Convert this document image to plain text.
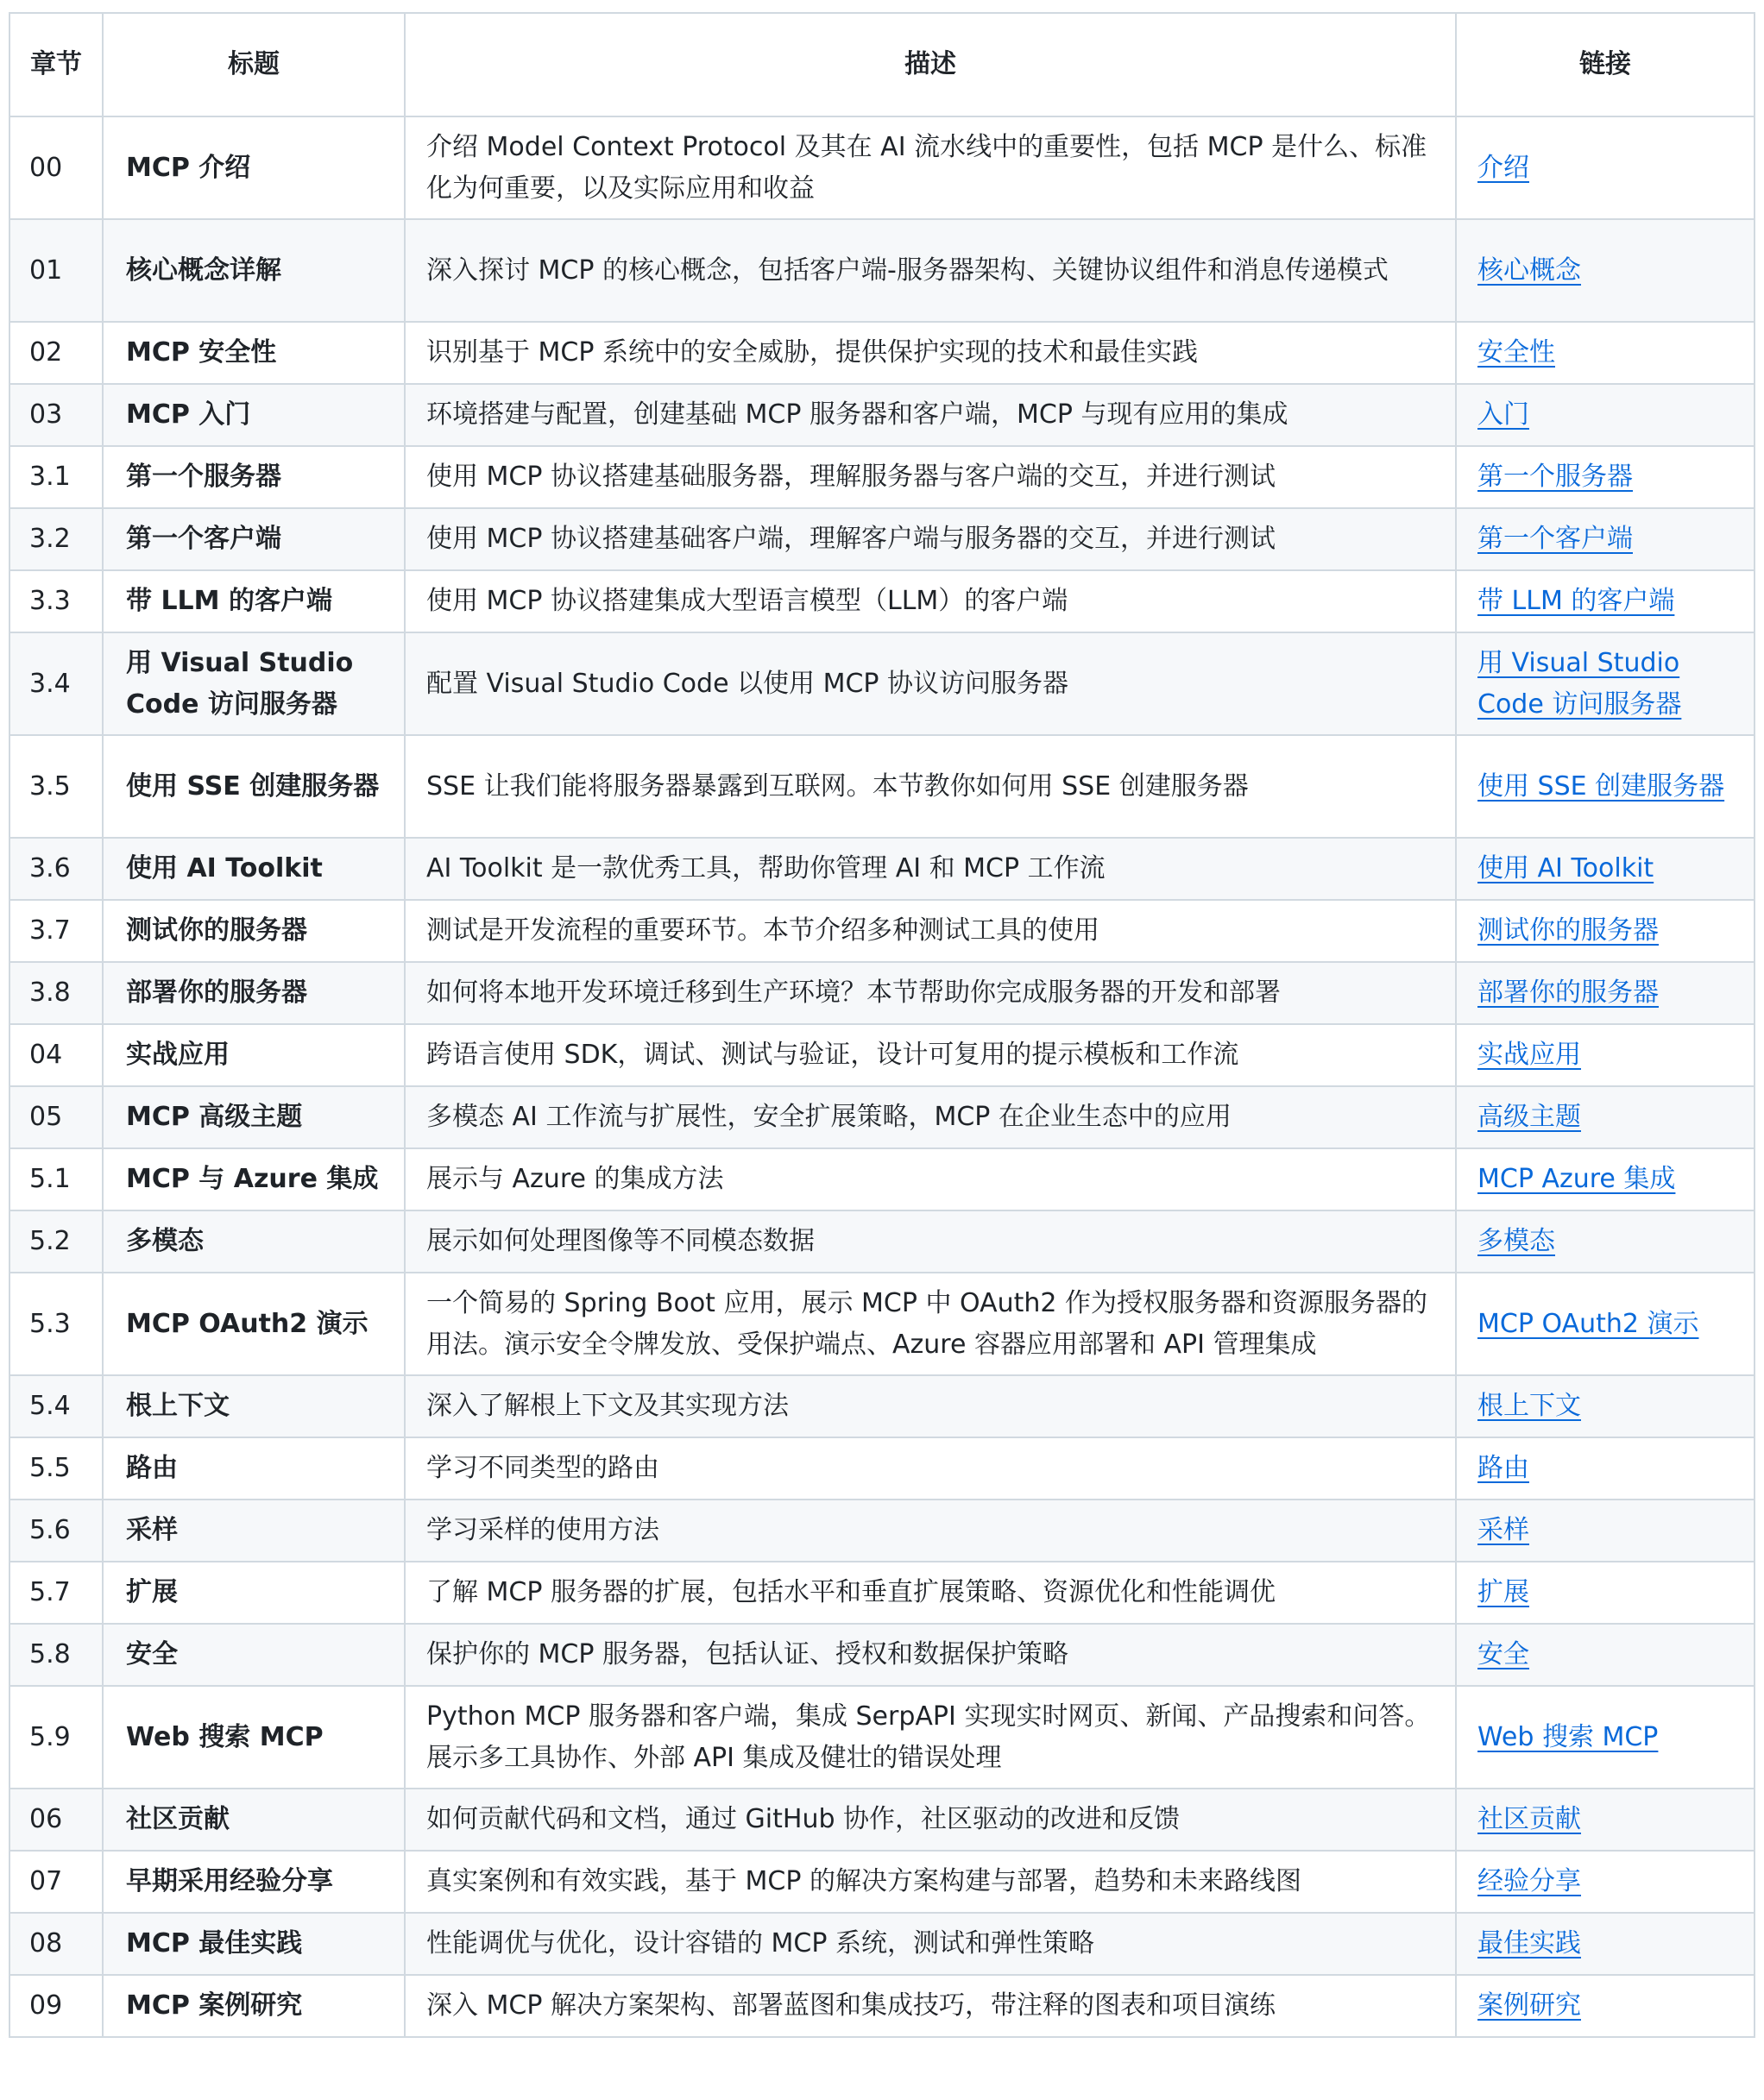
章节	标题	描述	链接
00	MCP 介绍	介绍 Model Context Protocol 及其在 AI 流水线中的重要性，包括 MCP 是什么、标准化为何重要，以及实际应用和收益	介绍
01	核心概念详解	深入探讨 MCP 的核心概念，包括客户端-服务器架构、关键协议组件和消息传递模式	核心概念
02	MCP 安全性	识别基于 MCP 系统中的安全威胁，提供保护实现的技术和最佳实践	安全性
03	MCP 入门	环境搭建与配置，创建基础 MCP 服务器和客户端，MCP 与现有应用的集成	入门
3.1	第一个服务器	使用 MCP 协议搭建基础服务器，理解服务器与客户端的交互，并进行测试	第一个服务器
3.2	第一个客户端	使用 MCP 协议搭建基础客户端，理解客户端与服务器的交互，并进行测试	第一个客户端
3.3	带 LLM 的客户端	使用 MCP 协议搭建集成大型语言模型（LLM）的客户端	带 LLM 的客户端
3.4	用 Visual Studio Code 访问服务器	配置 Visual Studio Code 以使用 MCP 协议访问服务器	用 Visual Studio Code 访问服务器
3.5	使用 SSE 创建服务器	SSE 让我们能将服务器暴露到互联网。本节教你如何用 SSE 创建服务器	使用 SSE 创建服务器
3.6	使用 AI Toolkit	AI Toolkit 是一款优秀工具，帮助你管理 AI 和 MCP 工作流	使用 AI Toolkit
3.7	测试你的服务器	测试是开发流程的重要环节。本节介绍多种测试工具的使用	测试你的服务器
3.8	部署你的服务器	如何将本地开发环境迁移到生产环境？本节帮助你完成服务器的开发和部署	部署你的服务器
04	实战应用	跨语言使用 SDK，调试、测试与验证，设计可复用的提示模板和工作流	实战应用
05	MCP 高级主题	多模态 AI 工作流与扩展性，安全扩展策略，MCP 在企业生态中的应用	高级主题
5.1	MCP 与 Azure 集成	展示与 Azure 的集成方法	MCP Azure 集成
5.2	多模态	展示如何处理图像等不同模态数据	多模态
5.3	MCP OAuth2 演示	一个简易的 Spring Boot 应用，展示 MCP 中 OAuth2 作为授权服务器和资源服务器的用法。演示安全令牌发放、受保护端点、Azure 容器应用部署和 API 管理集成	MCP OAuth2 演示
5.4	根上下文	深入了解根上下文及其实现方法	根上下文
5.5	路由	学习不同类型的路由	路由
5.6	采样	学习采样的使用方法	采样
5.7	扩展	了解 MCP 服务器的扩展，包括水平和垂直扩展策略、资源优化和性能调优	扩展
5.8	安全	保护你的 MCP 服务器，包括认证、授权和数据保护策略	安全
5.9	Web 搜索 MCP	Python MCP 服务器和客户端，集成 SerpAPI 实现实时网页、新闻、产品搜索和问答。展示多工具协作、外部 API 集成及健壮的错误处理	Web 搜索 MCP
06	社区贡献	如何贡献代码和文档，通过 GitHub 协作，社区驱动的改进和反馈	社区贡献
07	早期采用经验分享	真实案例和有效实践，基于 MCP 的解决方案构建与部署，趋势和未来路线图	经验分享
08	MCP 最佳实践	性能调优与优化，设计容错的 MCP 系统，测试和弹性策略	最佳实践
09	MCP 案例研究	深入 MCP 解决方案架构、部署蓝图和集成技巧，带注释的图表和项目演练	案例研究
